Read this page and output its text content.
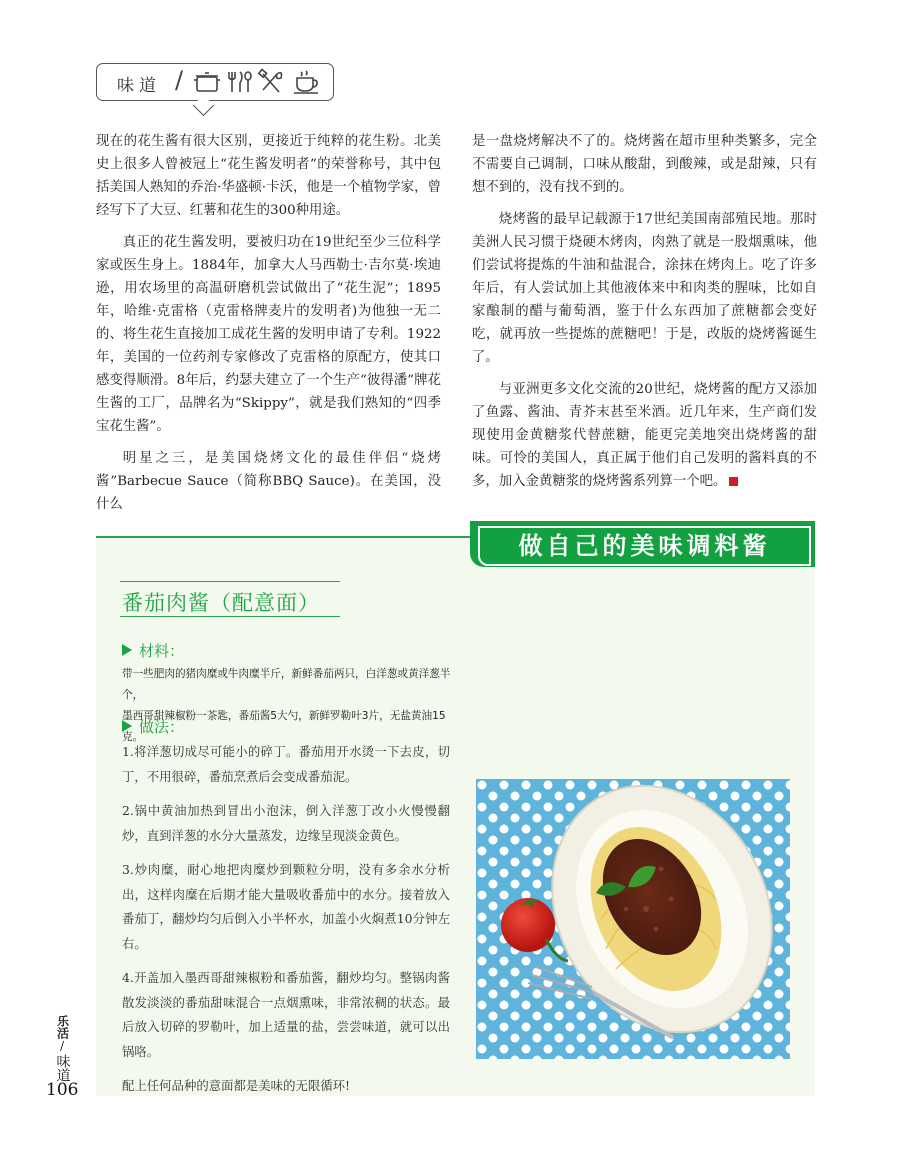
味道 /

现在的花生酱有很大区别，更接近于纯粹的花生粉。北美史上很多人曾被冠上“花生酱发明者”的荣誉称号，其中包括美国人熟知的乔治·华盛顿·卡沃，他是一个植物学家，曾经写下了大豆、红薯和花生的300种用途。

真正的花生酱发明，要被归功在19世纪至少三位科学家或医生身上。1884年，加拿大人马西勒士·吉尔莫·埃迪逊，用农场里的高温研磨机尝试做出了“花生泥”；1895年，哈维·克雷格（克雷格牌麦片的发明者)为他独一无二的、将生花生直接加工成花生酱的发明申请了专利。1922年，美国的一位药剂专家修改了克雷格的原配方，使其口感变得顺滑。8年后，约瑟夫建立了一个生产“彼得潘”牌花生酱的工厂，品牌名为“Skippy”，就是我们熟知的“四季宝花生酱”。

明星之三，是美国烧烤文化的最佳伴侣“烧烤酱”Barbecue Sauce（简称BBQ Sauce)。在美国，没什么

是一盘烧烤解决不了的。烧烤酱在超市里种类繁多，完全不需要自己调制，口味从酸甜，到酸辣，或是甜辣，只有想不到的，没有找不到的。

烧烤酱的最早记载源于17世纪美国南部殖民地。那时美洲人民习惯于烧硬木烤肉，肉熟了就是一股烟熏味，他们尝试将提炼的牛油和盐混合，涂抹在烤肉上。吃了许多年后，有人尝试加上其他液体来中和肉类的腥味，比如自家酿制的醋与葡萄酒，鉴于什么东西加了蔗糖都会变好吃，就再放一些提炼的蔗糖吧！于是，改版的烧烤酱诞生了。

与亚洲更多文化交流的20世纪，烧烤酱的配方又添加了鱼露、酱油、青芥末甚至米酒。近几年来，生产商们发现使用金黄糖浆代替蔗糖，能更完美地突出烧烤酱的甜味。可怜的美国人，真正属于他们自己发明的酱料真的不多，加入金黄糖浆的烧烤酱系列算一个吧。

做自己的美味调料酱
番茄肉酱（配意面）
材料：
带一些肥肉的猪肉糜或牛肉糜半斤，新鲜番茄两只，白洋葱或黄洋葱半个，
墨西哥甜辣椒粉一茶匙，番茄酱5大勺，新鲜罗勒叶3片，无盐黄油15克。
做法：

1.将洋葱切成尽可能小的碎丁。番茄用开水烫一下去皮，切丁，不用很碎，番茄烹煮后会变成番茄泥。

2.锅中黄油加热到冒出小泡沫，倒入洋葱丁改小火慢慢翻炒，直到洋葱的水分大量蒸发，边缘呈现淡金黄色。

3.炒肉糜，耐心地把肉糜炒到颗粒分明，没有多余水分析出，这样肉糜在后期才能大量吸收番茄中的水分。接着放入番茄丁，翻炒均匀后倒入小半杯水，加盖小火焖煮10分钟左右。

4.开盖加入墨西哥甜辣椒粉和番茄酱，翻炒均匀。整锅肉酱散发淡淡的番茄甜味混合一点烟熏味，非常浓稠的状态。最后放入切碎的罗勒叶，加上适量的盐，尝尝味道，就可以出锅咯。

配上任何品种的意面都是美味的无限循环!

乐活
/
味道
106
